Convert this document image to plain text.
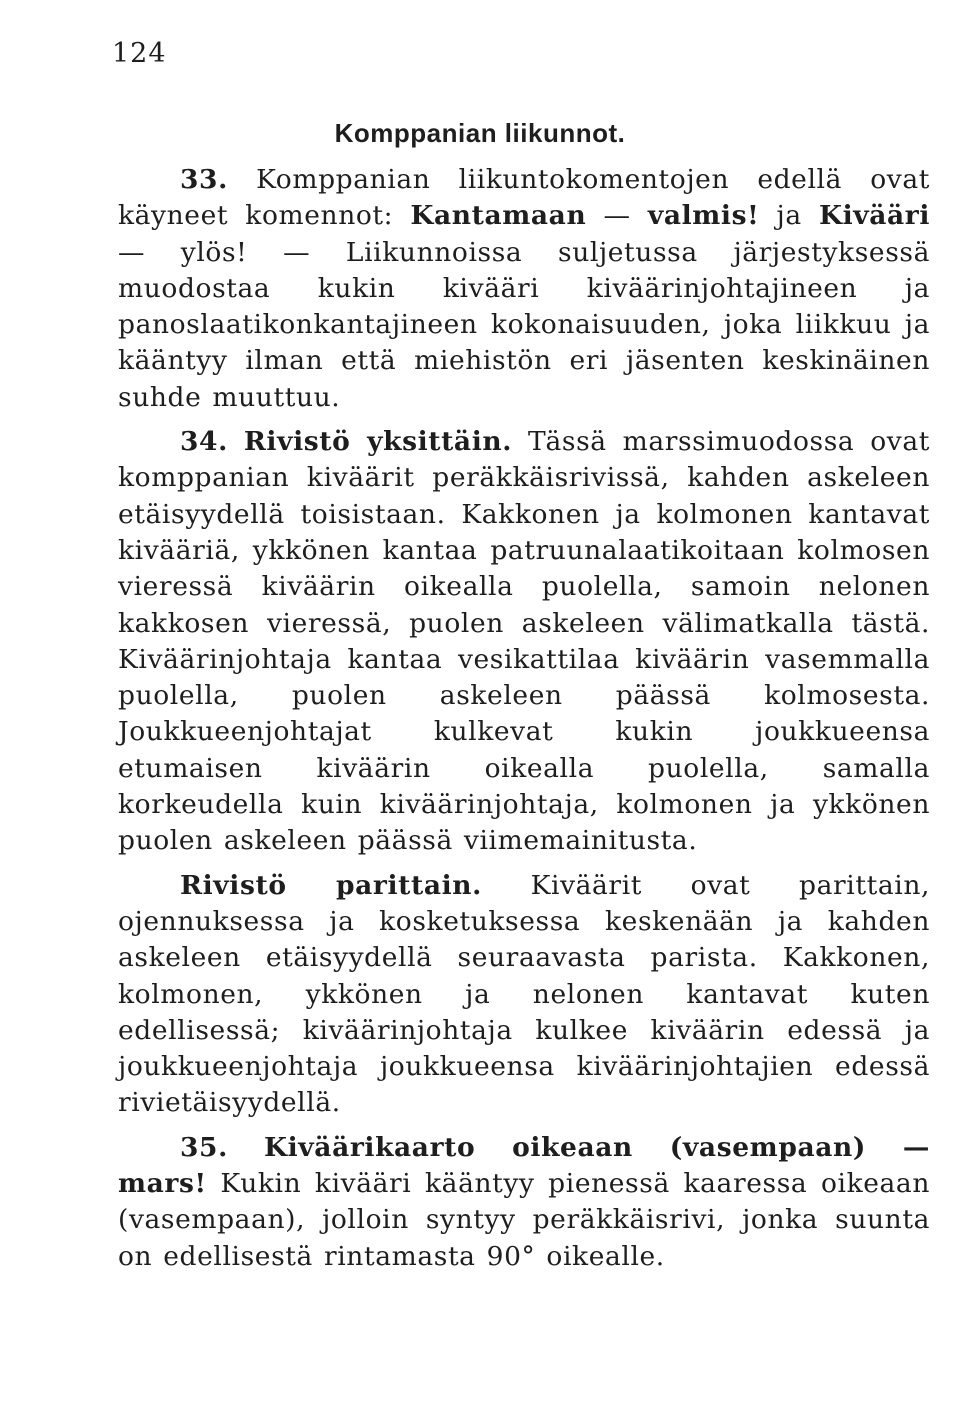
124
Komppanian liikunnot.

33. Komppanian liikuntokomentojen edellä ovat käyneet komennot: Kantamaan — valmis! ja Kivääri — ylös! — Liikunnoissa suljetussa järjestyksessä muodostaa kukin kivääri kiväärinjohtajineen ja panoslaatikonkantajineen kokonaisuuden, joka liikkuu ja kääntyy ilman että miehistön eri jäsenten keskinäinen suhde muuttuu.

34. Rivistö yksittäin. Tässä marssimuodossa ovat komppanian kiväärit peräkkäisrivissä, kahden askeleen etäisyydellä toisistaan. Kakkonen ja kolmonen kantavat kivääriä, ykkönen kantaa patruunalaatikoitaan kolmosen vieressä kiväärin oikealla puolella, samoin nelonen kakkosen vieressä, puolen askeleen välimatkalla tästä. Kiväärinjohtaja kantaa vesikattilaa kiväärin vasemmalla puolella, puolen askeleen päässä kolmosesta. Joukkueenjohtajat kulkevat kukin joukkueensa etumaisen kiväärin oikealla puolella, samalla korkeudella kuin kiväärinjohtaja, kolmonen ja ykkönen puolen askeleen päässä viimemainitusta.

Rivistö parittain. Kiväärit ovat parittain, ojennuksessa ja kosketuksessa keskenään ja kahden askeleen etäisyydellä seuraavasta parista. Kakkonen, kolmonen, ykkönen ja nelonen kantavat kuten edellisessä; kiväärinjohtaja kulkee kiväärin edessä ja joukkueenjohtaja joukkueensa kiväärinjohtajien edessä rivietäisyydellä.

35. Kiväärikaarto oikeaan (vasempaan) — mars! Kukin kivääri kääntyy pienessä kaaressa oikeaan (vasempaan), jolloin syntyy peräkkäisrivi, jonka suunta on edellisestä rintamasta 90° oikealle.
